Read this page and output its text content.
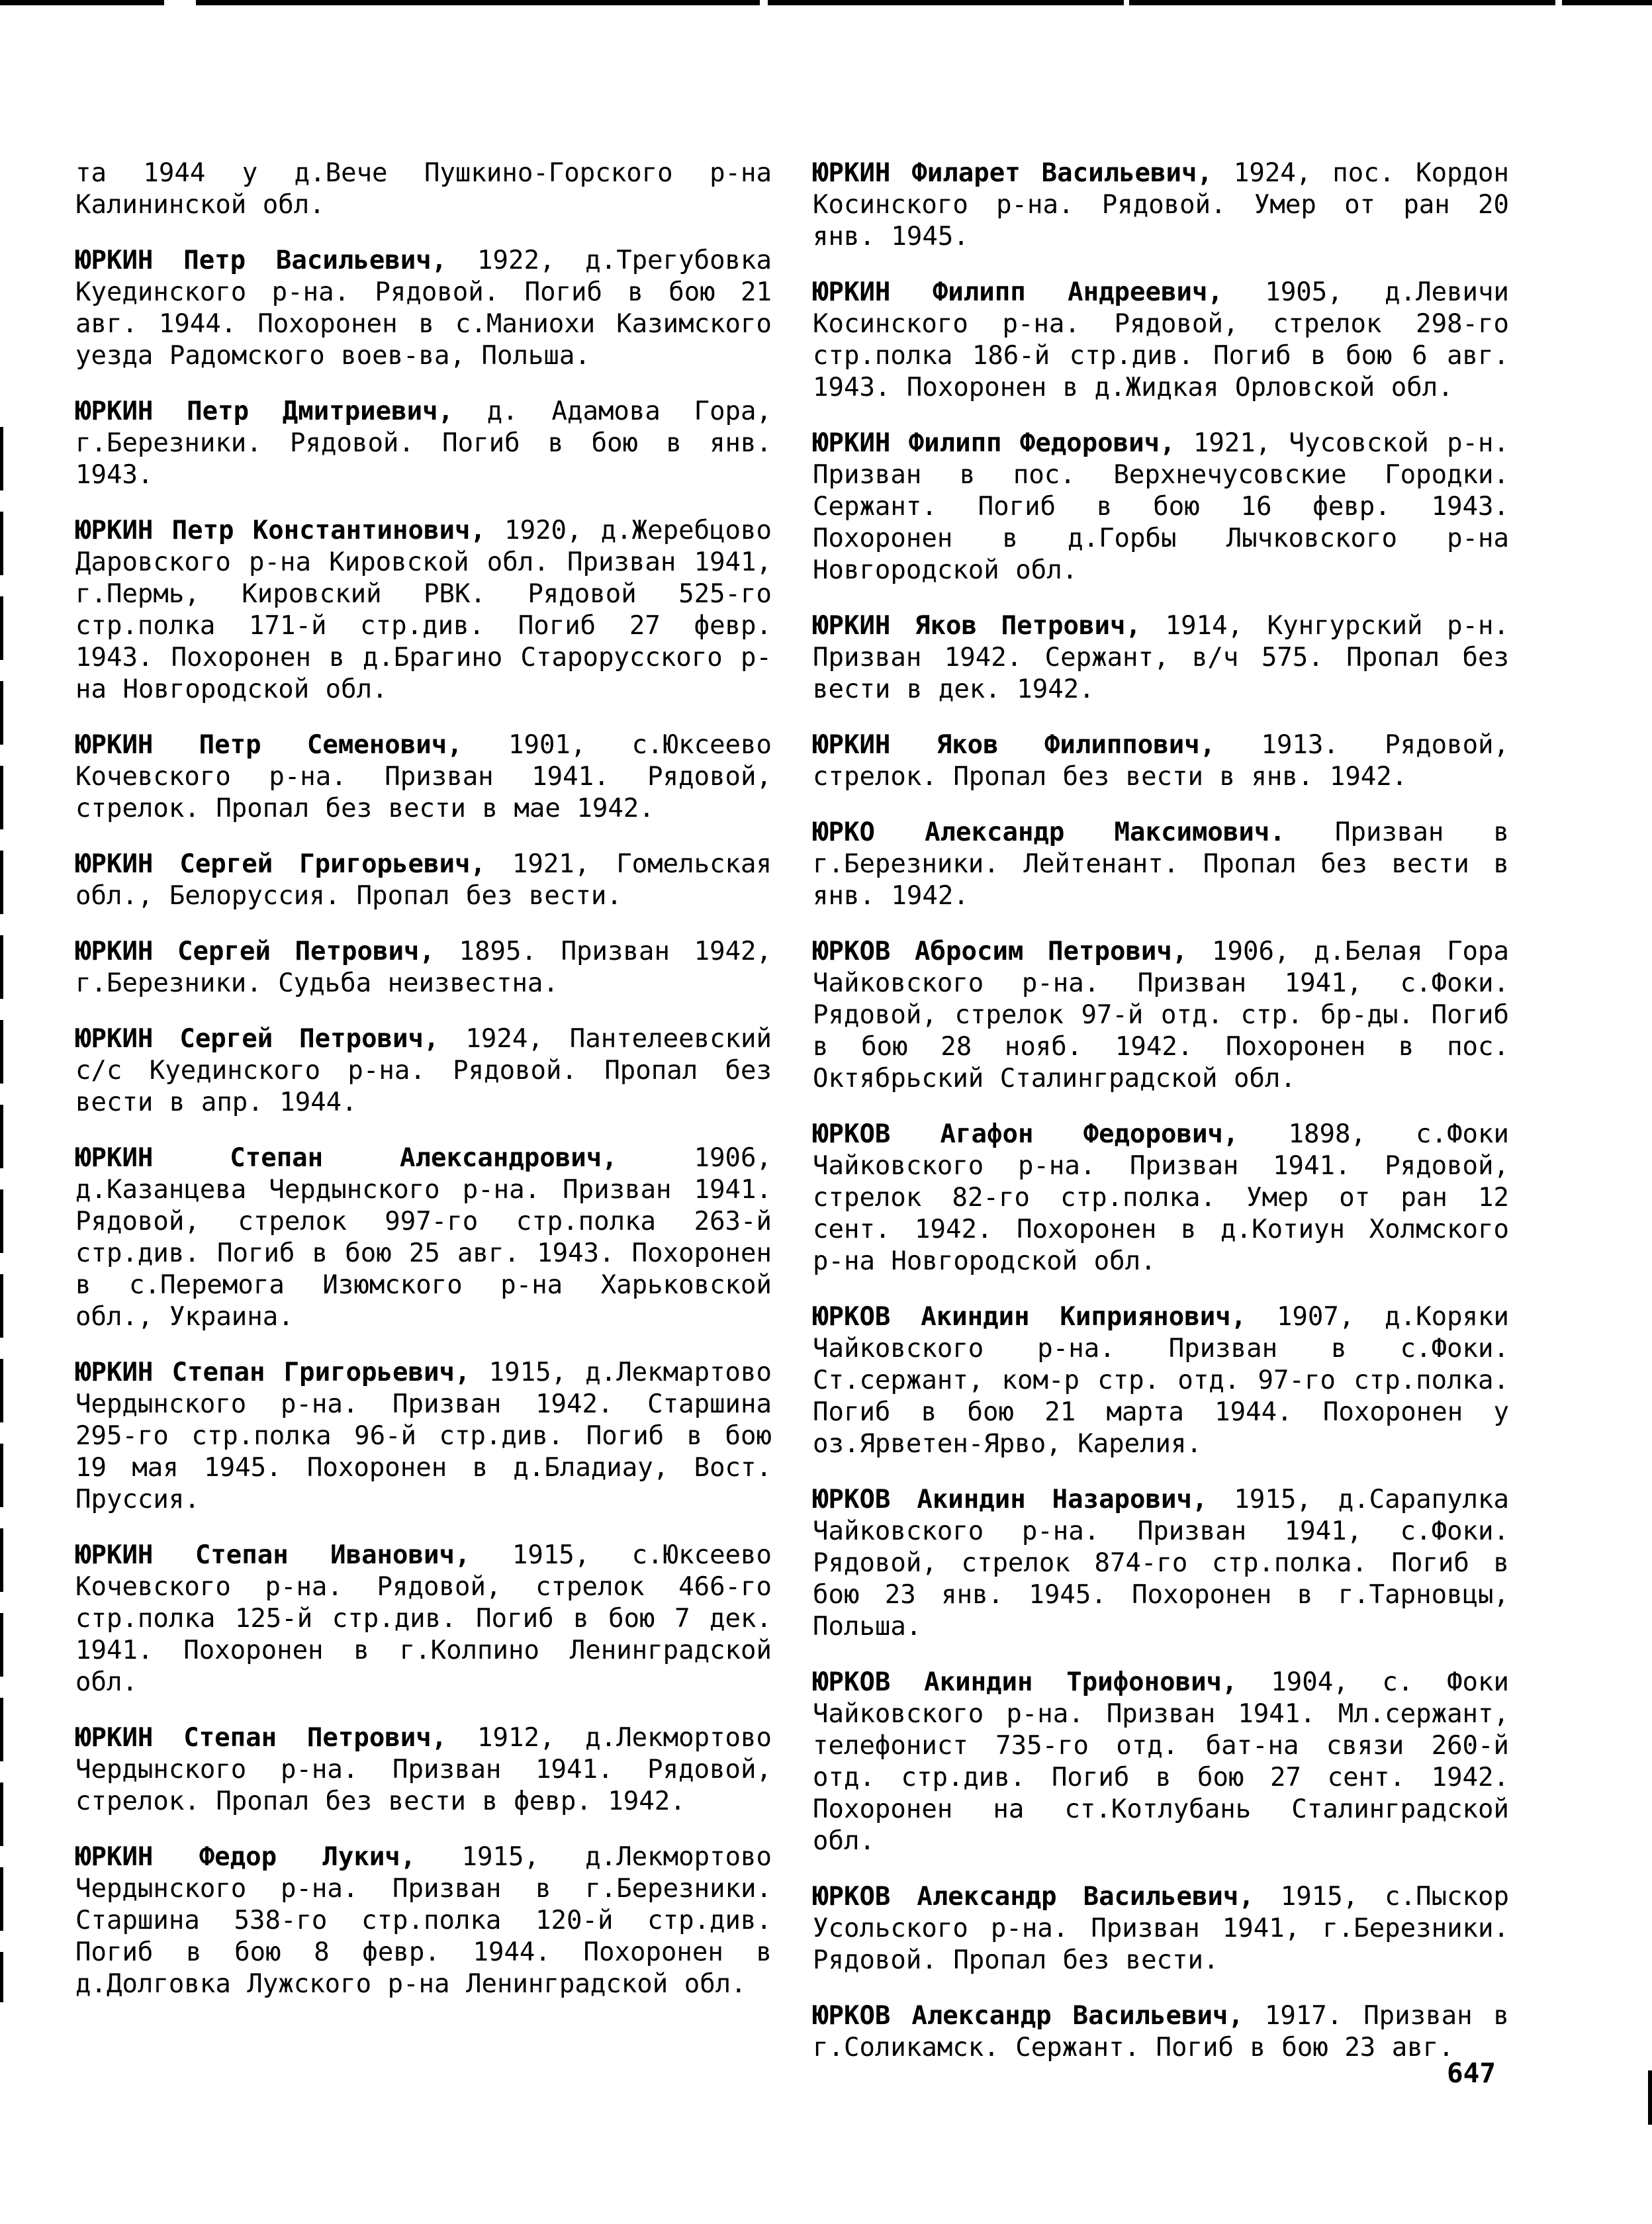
та 1944 у д.Вече Пушкино-Горского р-на Калининской обл.

ЮРКИН Петр Васильевич, 1922, д.Трегубовка Куединского р-на. Рядовой. Погиб в бою 21 авг. 1944. Похоронен в с.Маниохи Казимского уезда Радомского воев-ва, Польша.

ЮРКИН Петр Дмитриевич, д. Адамова Гора, г.Березники. Рядовой. Погиб в бою в янв. 1943.

ЮРКИН Петр Константинович, 1920, д.Жеребцово Даровского р-на Кировской обл. Призван 1941, г.Пермь, Кировский РВК. Рядовой 525-го стр.полка 171-й стр.див. Погиб 27 февр. 1943. Похоронен в д.Брагино Старорусского р-на Новгородской обл.

ЮРКИН Петр Семенович, 1901, с.Юксеево Кочевского р-на. Призван 1941. Рядовой, стрелок. Пропал без вести в мае 1942.

ЮРКИН Сергей Григорьевич, 1921, Гомельская обл., Белоруссия. Пропал без вести.

ЮРКИН Сергей Петрович, 1895. Призван 1942, г.Березники. Судьба неизвестна.

ЮРКИН Сергей Петрович, 1924, Пантелеевский с/с Куединского р-на. Рядовой. Пропал без вести в апр. 1944.

ЮРКИН Степан Александрович, 1906, д.Казанцева Чердынского р-на. Призван 1941. Рядовой, стрелок 997-го стр.полка 263-й стр.див. Погиб в бою 25 авг. 1943. Похоронен в с.Перемога Изюмского р-на Харьковской обл., Украина.

ЮРКИН Степан Григорьевич, 1915, д.Лекмартово Чердынского р-на. Призван 1942. Старшина 295-го стр.полка 96-й стр.див. Погиб в бою 19 мая 1945. Похоронен в д.Бладиау, Вост. Пруссия.

ЮРКИН Степан Иванович, 1915, с.Юксеево Кочевского р-на. Рядовой, стрелок 466-го стр.полка 125-й стр.див. Погиб в бою 7 дек. 1941. Похоронен в г.Колпино Ленинградской обл.

ЮРКИН Степан Петрович, 1912, д.Лекмортово Чердынского р-на. Призван 1941. Рядовой, стрелок. Пропал без вести в февр. 1942.

ЮРКИН Федор Лукич, 1915, д.Лекмортово Чердынского р-на. Призван в г.Березники. Старшина 538-го стр.полка 120-й стр.див. Погиб в бою 8 февр. 1944. Похоронен в д.Долговка Лужского р-на Ленинградской обл.

ЮРКИН Филарет Васильевич, 1924, пос. Кордон Косинского р-на. Рядовой. Умер от ран 20 янв. 1945.

ЮРКИН Филипп Андреевич, 1905, д.Левичи Косинского р-на. Рядовой, стрелок 298-го стр.полка 186-й стр.див. Погиб в бою 6 авг. 1943. Похоронен в д.Жидкая Орловской обл.

ЮРКИН Филипп Федорович, 1921, Чусовской р-н. Призван в пос. Верхнечусовские Городки. Сержант. Погиб в бою 16 февр. 1943. Похоронен в д.Горбы Лычковского р-на Новгородской обл.

ЮРКИН Яков Петрович, 1914, Кунгурский р-н. Призван 1942. Сержант, в/ч 575. Пропал без вести в дек. 1942.

ЮРКИН Яков Филиппович, 1913. Рядовой, стрелок. Пропал без вести в янв. 1942.

ЮРКО Александр Максимович. Призван в г.Березники. Лейтенант. Пропал без вести в янв. 1942.

ЮРКОВ Абросим Петрович, 1906, д.Белая Гора Чайковского р-на. Призван 1941, с.Фоки. Рядовой, стрелок 97-й отд. стр. бр-ды. Погиб в бою 28 нояб. 1942. Похоронен в пос. Октябрьский Сталинградской обл.

ЮРКОВ Агафон Федорович, 1898, с.Фоки Чайковского р-на. Призван 1941. Рядовой, стрелок 82-го стр.полка. Умер от ран 12 сент. 1942. Похоронен в д.Котиун Холмского р-на Новгородской обл.

ЮРКОВ Акиндин Киприянович, 1907, д.Коряки Чайковского р-на. Призван в с.Фоки. Ст.сержант, ком-р стр. отд. 97-го стр.полка. Погиб в бою 21 марта 1944. Похоронен у оз.Ярветен-Ярво, Карелия.

ЮРКОВ Акиндин Назарович, 1915, д.Сарапулка Чайковского р-на. Призван 1941, с.Фоки. Рядовой, стрелок 874-го стр.полка. Погиб в бою 23 янв. 1945. Похоронен в г.Тарновцы, Польша.

ЮРКОВ Акиндин Трифонович, 1904, с. Фоки Чайковского р-на. Призван 1941. Мл.сержант, телефонист 735-го отд. бат-на связи 260-й отд. стр.див. Погиб в бою 27 сент. 1942. Похоронен на ст.Котлубань Сталинградской обл.

ЮРКОВ Александр Васильевич, 1915, с.Пыскор Усольского р-на. Призван 1941, г.Березники. Рядовой. Пропал без вести.

ЮРКОВ Александр Васильевич, 1917. Призван в г.Соликамск. Сержант. Погиб в бою 23 авг.

647
